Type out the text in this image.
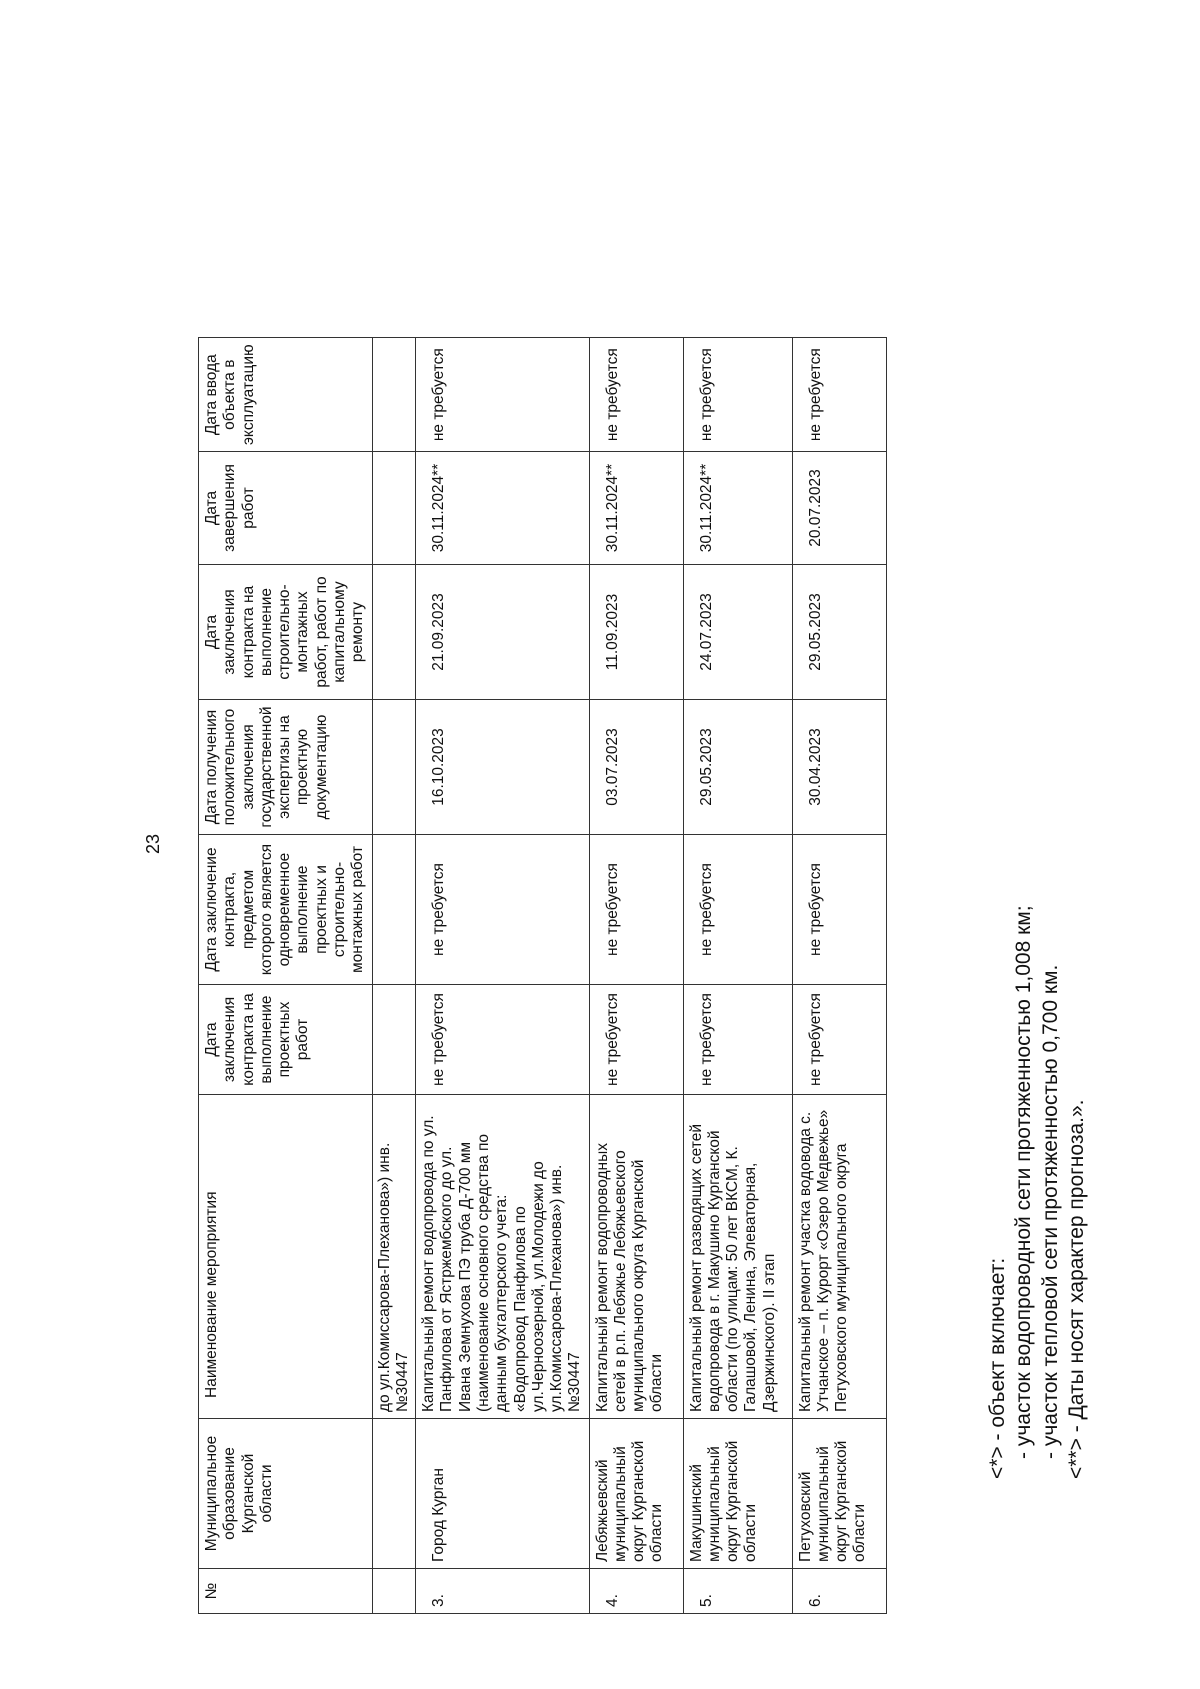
23
№	Муниципальное образование Курганской области	Наименование мероприятия	Дата заключения контракта на выполнение проектных работ	Дата заключение контракта, предметом которого является одновременное выполнение проектных и строительно-монтажных работ	Дата получения положительного заключения государственной экспертизы на проектную документацию	Дата заключения контракта на выполнение строительно-монтажных работ, работ по капитальному ремонту	Дата завершения работ	Дата ввода объекта в эксплуатацию
		до ул.Комиссарова-Плеханова») инв. №30447						
3.	Город Курган	Капитальный ремонт водопровода по ул. Панфилова от Ястржембского до ул. Ивана Земнухова ПЭ труба Д-700 мм (наименование основного средства по данным бухгалтерского учета: «Водопровод Панфилова по ул.Черноозерной, ул.Молодежи до ул.Комиссарова-Плеханова») инв. №30447	не требуется	не требуется	16.10.2023	21.09.2023	30.11.2024**	не требуется
4.	Лебяжьевский муниципальный округ Курганской области	Капитальный ремонт водопроводных сетей в р.п. Лебяжье Лебяжьевского муниципального округа Курганской области	не требуется	не требуется	03.07.2023	11.09.2023	30.11.2024**	не требуется
5.	Макушинский муниципальный округ Курганской области	Капитальный ремонт разводящих сетей водопровода в г. Макушино Курганской области (по улицам: 50 лет ВКСМ, К. Галашовой, Ленина, Элеваторная, Дзержинского). II этап	не требуется	не требуется	29.05.2023	24.07.2023	30.11.2024**	не требуется
6.	Петуховский муниципальный округ Курганской области	Капитальный ремонт участка водовода с. Утчанское – п. Курорт «Озеро Медвежье» Петуховского муниципального округа	не требуется	не требуется	30.04.2023	29.05.2023	20.07.2023	не требуется
<*> - объект включает: - участок водопроводной сети протяженностью 1,008 км; - участок тепловой сети протяженностью 0,700 км. <**> - Даты носят характер прогноза.».
